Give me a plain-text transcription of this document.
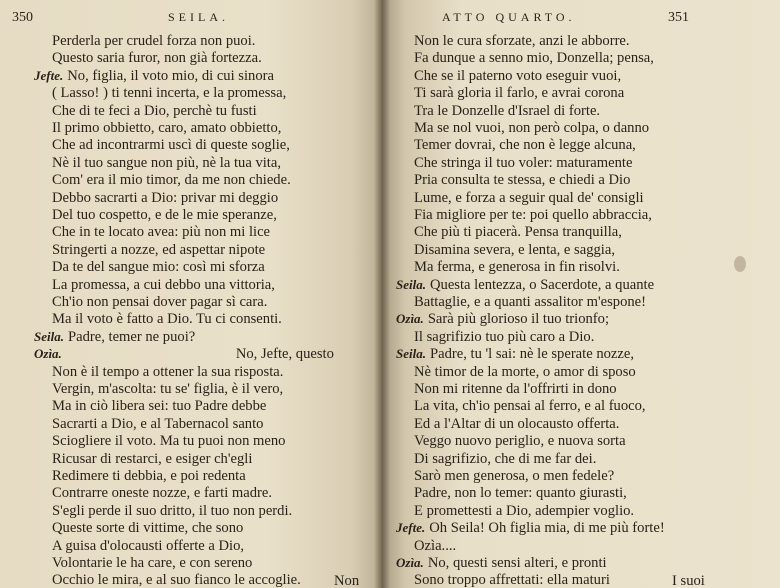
350	SEILA.
Perderla per crudel forza non puoi.
Questo saria furor, non già fortezza.
Jefte. No, figlia, il voto mio, di cui sinora
( Lasso! ) ti tenni incerta, e la promessa,
Che di te feci a Dio, perchè tu fusti
Il primo obbietto, caro, amato obbietto,
Che ad incontrarmi uscì di queste soglie,
Nè il tuo sangue non più, nè la tua vita,
Com' era il mio timor, da me non chiede.
Debbo sacrarti a Dio: privar mi deggio
Del tuo cospetto, e de le mie speranze,
Che in te locato avea: più non mi lice
Stringerti a nozze, ed aspettar nipote
Da te del sangue mio: così mi sforza
La promessa, a cui debbo una vittoria,
Ch'io non pensai dover pagar sì cara.
Ma il voto è fatto a Dio. Tu ci consenti.
Seila. Padre, temer ne puoi?
Ozìa.	No, Jefte, questo
Non è il tempo a ottener la sua risposta.
Vergin, m'ascolta: tu se' figlia, è il vero,
Ma in ciò libera sei: tuo Padre debbe
Sacrarti a Dio, e al Tabernacol santo
Sciogliere il voto. Ma tu puoi non meno
Ricusar di restarci, e esiger ch'egli
Redimere ti debbia, e poi redenta
Contrarre oneste nozze, e farti madre.
S'egli perde il suo dritto, il tuo non perdi.
Queste sorte di vittime, che sono
A guisa d'olocausti offerte a Dio,
Volontarie le ha care, e con sereno
Occhio le mira, e al suo fianco le accoglie. Non
ATTO QUARTO.	351
Non le cura sforzate, anzi le abborre.
Fa dunque a senno mio, Donzella; pensa,
Che se il paterno voto eseguir vuoi,
Ti sarà gloria il farlo, e avrai corona
Tra le Donzelle d'Israel di forte.
Ma se nol vuoi, non però colpa, o danno
Temer dovrai, che non è legge alcuna,
Che stringa il tuo voler: maturamente
Pria consulta te stessa, e chiedi a Dio
Lume, e forza a seguir qual de' consigli
Fia migliore per te: poi quello abbraccia,
Che più ti piacerà. Pensa tranquilla,
Disamina severa, e lenta, e saggia,
Ma ferma, e generosa in fin risolvi.
Seila. Questa lentezza, o Sacerdote, a quante
Battaglie, e a quanti assalitor m'espone!
Ozìa. Sarà più glorioso il tuo trionfo;
Il sagrifizio tuo più caro a Dio.
Seila. Padre, tu 'l sai: nè le sperate nozze,
Nè timor de la morte, o amor di sposo
Non mi ritenne da l'offrirti in dono
La vita, ch'io pensai al ferro, e al fuoco,
Ed a l'Altar di un olocausto offerta.
Veggo nuovo periglio, e nuova sorta
Di sagrifizio, che di me far dei.
Sarò men generosa, o men fedele?
Padre, non lo temer: quanto giurasti,
E promettesti a Dio, adempier voglio.
Jefte. Oh Seila! Oh figlia mia, di me più forte!
Ozìa....
Ozìa. No, questi sensi alteri, e pronti
Sono troppo affrettati: ella maturi	I suoi
